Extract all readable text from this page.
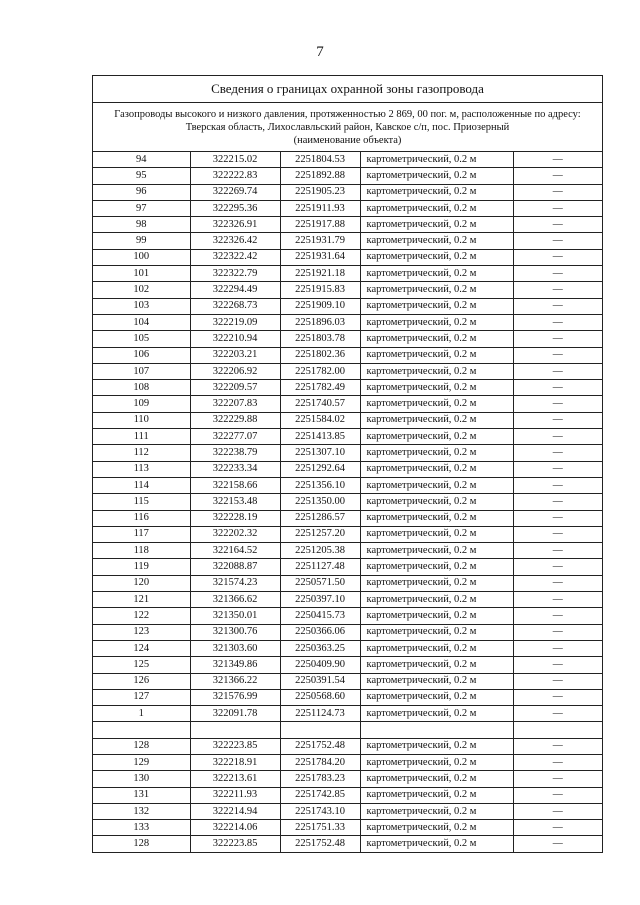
7
Сведения о границах охранной зоны газопровода
Газопроводы высокого и низкого давления, протяженностью 2 869, 00 пог. м, расположенные по адресу:
Тверская область, Лихославльский район, Кавское с/п, пос. Приозерный
(наименование объекта)
94	322215.02	2251804.53	картометрический, 0.2 м	—
95	322222.83	2251892.88	картометрический, 0.2 м	—
96	322269.74	2251905.23	картометрический, 0.2 м	—
97	322295.36	2251911.93	картометрический, 0.2 м	—
98	322326.91	2251917.88	картометрический, 0.2 м	—
99	322326.42	2251931.79	картометрический, 0.2 м	—
100	322322.42	2251931.64	картометрический, 0.2 м	—
101	322322.79	2251921.18	картометрический, 0.2 м	—
102	322294.49	2251915.83	картометрический, 0.2 м	—
103	322268.73	2251909.10	картометрический, 0.2 м	—
104	322219.09	2251896.03	картометрический, 0.2 м	—
105	322210.94	2251803.78	картометрический, 0.2 м	—
106	322203.21	2251802.36	картометрический, 0.2 м	—
107	322206.92	2251782.00	картометрический, 0.2 м	—
108	322209.57	2251782.49	картометрический, 0.2 м	—
109	322207.83	2251740.57	картометрический, 0.2 м	—
110	322229.88	2251584.02	картометрический, 0.2 м	—
111	322277.07	2251413.85	картометрический, 0.2 м	—
112	322238.79	2251307.10	картометрический, 0.2 м	—
113	322233.34	2251292.64	картометрический, 0.2 м	—
114	322158.66	2251356.10	картометрический, 0.2 м	—
115	322153.48	2251350.00	картометрический, 0.2 м	—
116	322228.19	2251286.57	картометрический, 0.2 м	—
117	322202.32	2251257.20	картометрический, 0.2 м	—
118	322164.52	2251205.38	картометрический, 0.2 м	—
119	322088.87	2251127.48	картометрический, 0.2 м	—
120	321574.23	2250571.50	картометрический, 0.2 м	—
121	321366.62	2250397.10	картометрический, 0.2 м	—
122	321350.01	2250415.73	картометрический, 0.2 м	—
123	321300.76	2250366.06	картометрический, 0.2 м	—
124	321303.60	2250363.25	картометрический, 0.2 м	—
125	321349.86	2250409.90	картометрический, 0.2 м	—
126	321366.22	2250391.54	картометрический, 0.2 м	—
127	321576.99	2250568.60	картометрический, 0.2 м	—
1	322091.78	2251124.73	картометрический, 0.2 м	—

128	322223.85	2251752.48	картометрический, 0.2 м	—
129	322218.91	2251784.20	картометрический, 0.2 м	—
130	322213.61	2251783.23	картометрический, 0.2 м	—
131	322211.93	2251742.85	картометрический, 0.2 м	—
132	322214.94	2251743.10	картометрический, 0.2 м	—
133	322214.06	2251751.33	картометрический, 0.2 м	—
128	322223.85	2251752.48	картометрический, 0.2 м	—
